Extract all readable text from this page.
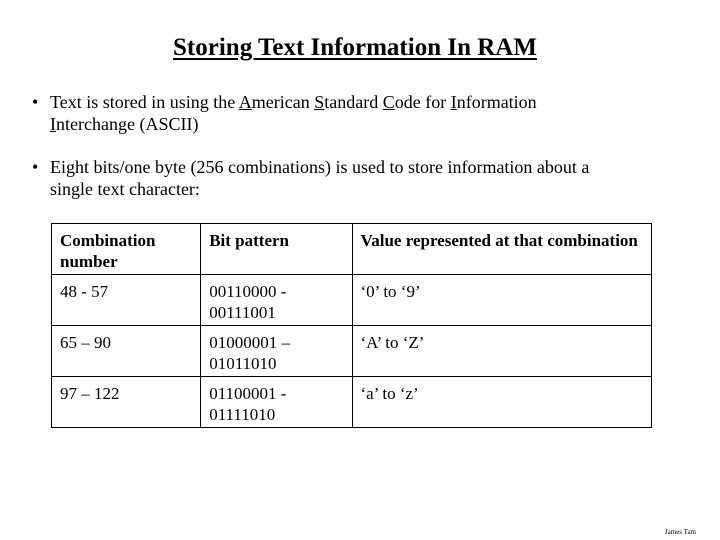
Storing Text Information In RAM
• Text is stored in using the American Standard Code for Information
Interchange (ASCII)
• Eight bits/one byte (256 combinations) is used to store information about a
single text character:
Combination number	Bit pattern	Value represented at that combination
48 - 57	00110000 - 00111001	‘0’ to ‘9’
65 – 90	01000001 – 01011010	‘A’ to ‘Z’
97 – 122	01100001 - 01111010	‘a’ to ‘z’
James Tam
